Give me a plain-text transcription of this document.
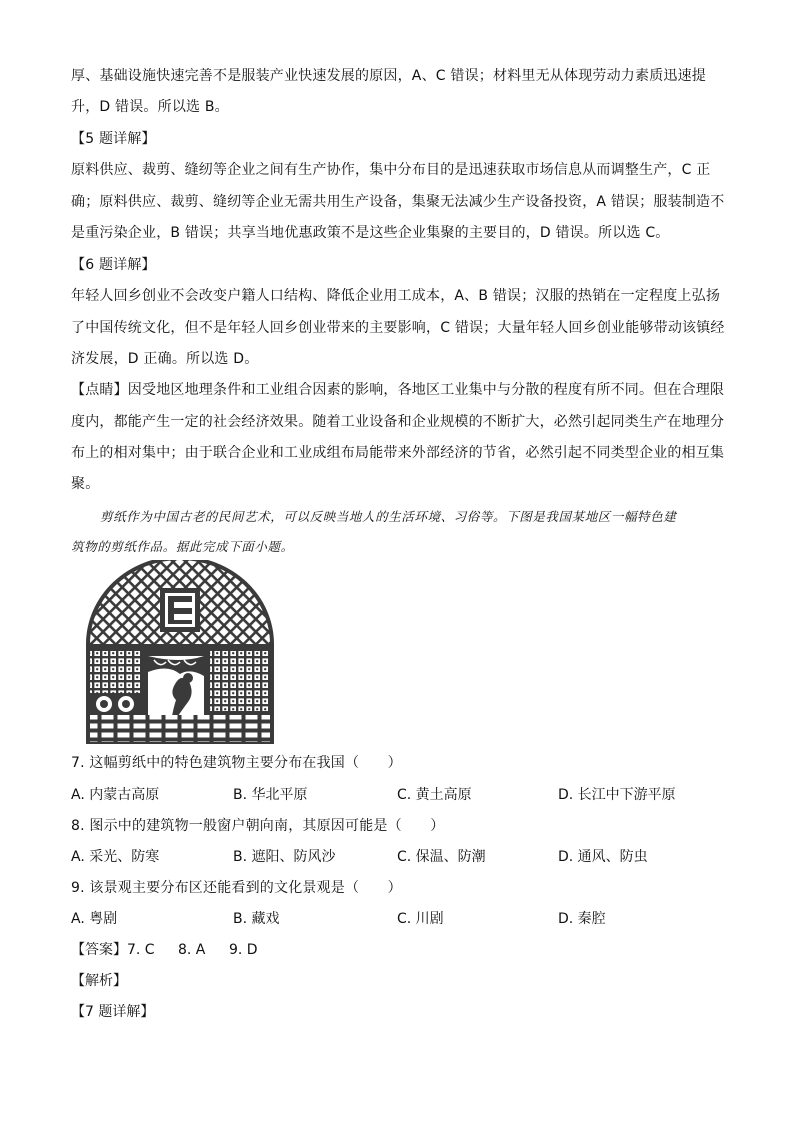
厚、基础设施快速完善不是服装产业快速发展的原因，A、C 错误；材料里无从体现劳动力素质迅速提
升，D 错误。所以选 B。
【5 题详解】
原料供应、裁剪、缝纫等企业之间有生产协作，集中分布目的是迅速获取市场信息从而调整生产，C 正
确；原料供应、裁剪、缝纫等企业无需共用生产设备，集聚无法减少生产设备投资，A 错误；服装制造不
是重污染企业，B 错误；共享当地优惠政策不是这些企业集聚的主要目的，D 错误。所以选 C。
【6 题详解】
年轻人回乡创业不会改变户籍人口结构、降低企业用工成本，A、B 错误；汉服的热销在一定程度上弘扬
了中国传统文化，但不是年轻人回乡创业带来的主要影响，C 错误；大量年轻人回乡创业能够带动该镇经
济发展，D 正确。所以选 D。
【点睛】因受地区地理条件和工业组合因素的影响，各地区工业集中与分散的程度有所不同。但在合理限
度内，都能产生一定的社会经济效果。随着工业设备和企业规模的不断扩大，必然引起同类生产在地理分
布上的相对集中；由于联合企业和工业成组布局能带来外部经济的节省，必然引起不同类型企业的相互集
聚。
剪纸作为中国古老的民间艺术，可以反映当地人的生活环境、习俗等。下图是我国某地区一幅特色建
筑物的剪纸作品。据此完成下面小题。
7. 这幅剪纸中的特色建筑物主要分布在我国（　　）
A. 内蒙古高原	B. 华北平原	C. 黄土高原	D. 长江中下游平原
8. 图示中的建筑物一般窗户朝向南，其原因可能是（　　）
A. 采光、防寒	B. 遮阳、防风沙	C. 保温、防潮	D. 通风、防虫
9. 该景观主要分布区还能看到的文化景观是（　　）
A. 粤剧	B. 藏戏	C. 川剧	D. 秦腔
【答案】 7. C 8. A 9. D
【解析】
【7 题详解】
